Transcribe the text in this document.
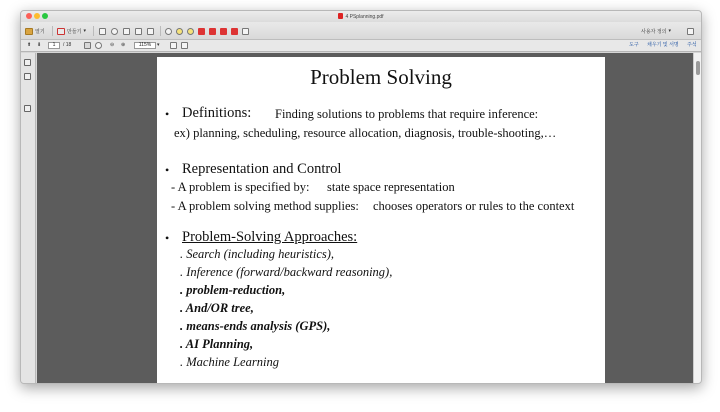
4 PSplanning.pdf
열기	만들기 ▾	사용자 정의 ▾
⬆ ⬇	1	/ 18	⊖ ⊕	115%	▾	도구 채우기 및 서명 주석
Problem Solving
• Definitions: Finding solutions to problems that require inference:
ex) planning, scheduling, resource allocation, diagnosis, trouble-shooting,…
• Representation and Control
- A problem is specified by: state space representation
- A problem solving method supplies: chooses operators or rules to the context
• Problem-Solving Approaches:
. Search (including heuristics),
. Inference (forward/backward reasoning),
. problem-reduction,
. And/OR tree,
. means-ends analysis (GPS),
. AI Planning,
. Machine Learning
